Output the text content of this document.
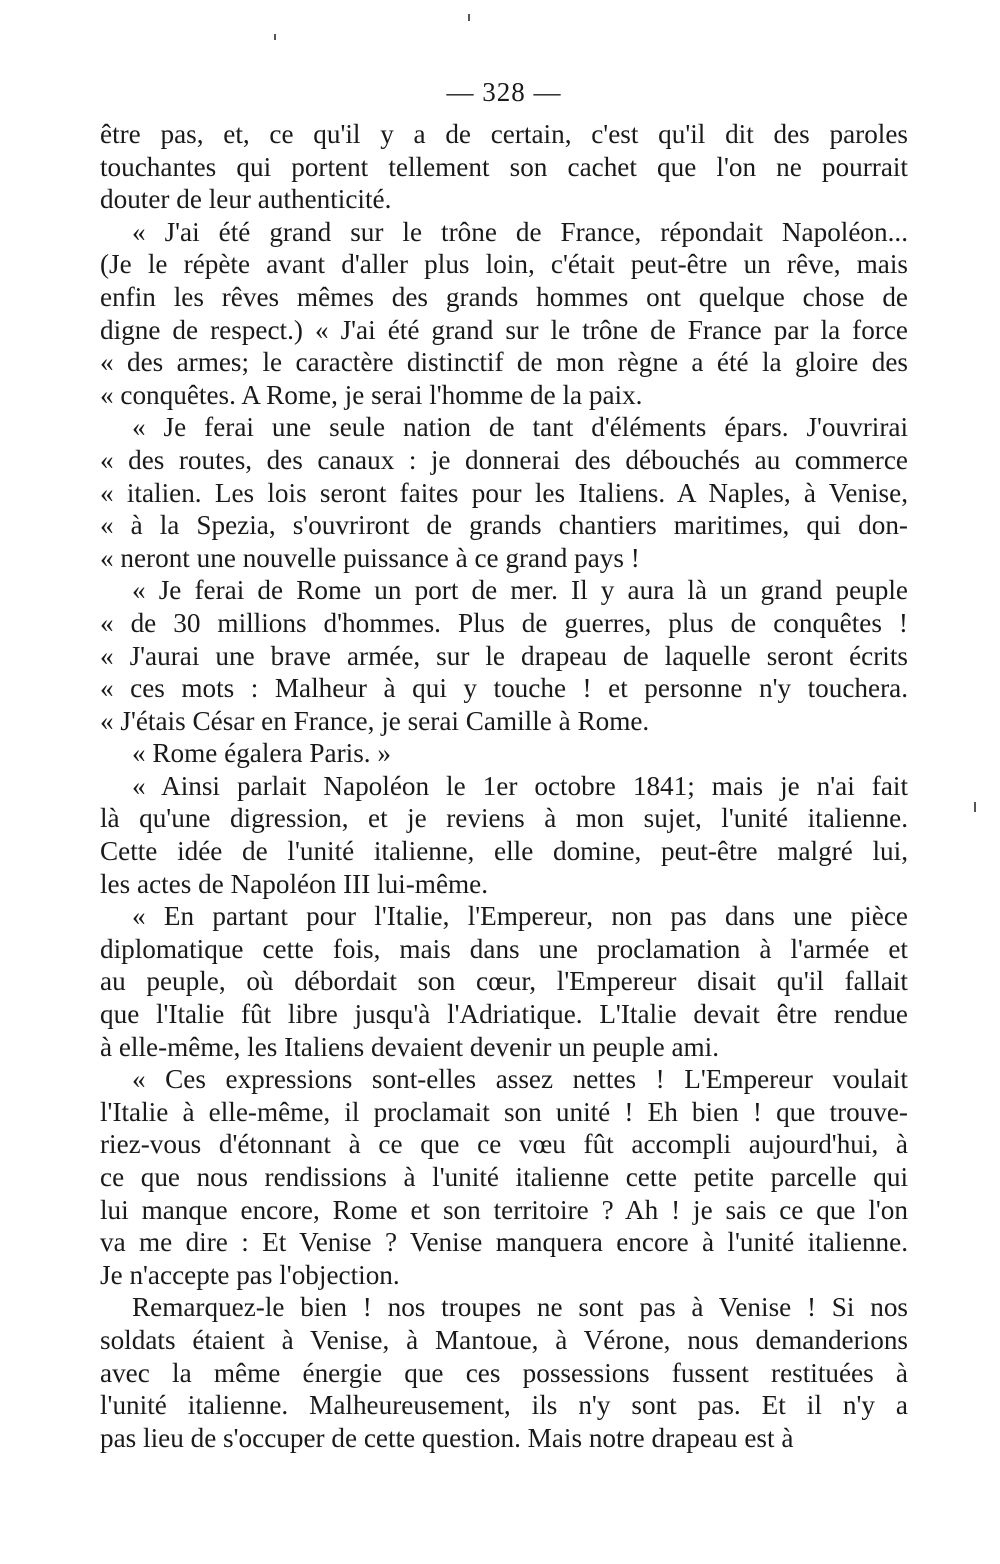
— 328 —
être pas, et, ce qu'il y a de certain, c'est qu'il dit des paroles
touchantes qui portent tellement son cachet que l'on ne pourrait
douter de leur authenticité.
« J'ai été grand sur le trône de France, répondait Napoléon...
(Je le répète avant d'aller plus loin, c'était peut-être un rêve, mais
enfin les rêves mêmes des grands hommes ont quelque chose de
digne de respect.) « J'ai été grand sur le trône de France par la force
« des armes; le caractère distinctif de mon règne a été la gloire des
« conquêtes. A Rome, je serai l'homme de la paix.
« Je ferai une seule nation de tant d'éléments épars. J'ouvrirai
« des routes, des canaux : je donnerai des débouchés au commerce
« italien. Les lois seront faites pour les Italiens. A Naples, à Venise,
« à la Spezia, s'ouvriront de grands chantiers maritimes, qui don-
« neront une nouvelle puissance à ce grand pays !
« Je ferai de Rome un port de mer. Il y aura là un grand peuple
« de 30 millions d'hommes. Plus de guerres, plus de conquêtes !
« J'aurai une brave armée, sur le drapeau de laquelle seront écrits
« ces mots : Malheur à qui y touche ! et personne n'y touchera.
« J'étais César en France, je serai Camille à Rome.
« Rome égalera Paris. »
« Ainsi parlait Napoléon le 1er octobre 1841; mais je n'ai fait
là qu'une digression, et je reviens à mon sujet, l'unité italienne.
Cette idée de l'unité italienne, elle domine, peut-être malgré lui,
les actes de Napoléon III lui-même.
« En partant pour l'Italie, l'Empereur, non pas dans une pièce
diplomatique cette fois, mais dans une proclamation à l'armée et
au peuple, où débordait son cœur, l'Empereur disait qu'il fallait
que l'Italie fût libre jusqu'à l'Adriatique. L'Italie devait être rendue
à elle-même, les Italiens devaient devenir un peuple ami.
« Ces expressions sont-elles assez nettes ! L'Empereur voulait
l'Italie à elle-même, il proclamait son unité ! Eh bien ! que trouve-
riez-vous d'étonnant à ce que ce vœu fût accompli aujourd'hui, à
ce que nous rendissions à l'unité italienne cette petite parcelle qui
lui manque encore, Rome et son territoire ? Ah ! je sais ce que l'on
va me dire : Et Venise ? Venise manquera encore à l'unité italienne.
Je n'accepte pas l'objection.
Remarquez-le bien ! nos troupes ne sont pas à Venise ! Si nos
soldats étaient à Venise, à Mantoue, à Vérone, nous demanderions
avec la même énergie que ces possessions fussent restituées à
l'unité italienne. Malheureusement, ils n'y sont pas. Et il n'y a
pas lieu de s'occuper de cette question. Mais notre drapeau est à
